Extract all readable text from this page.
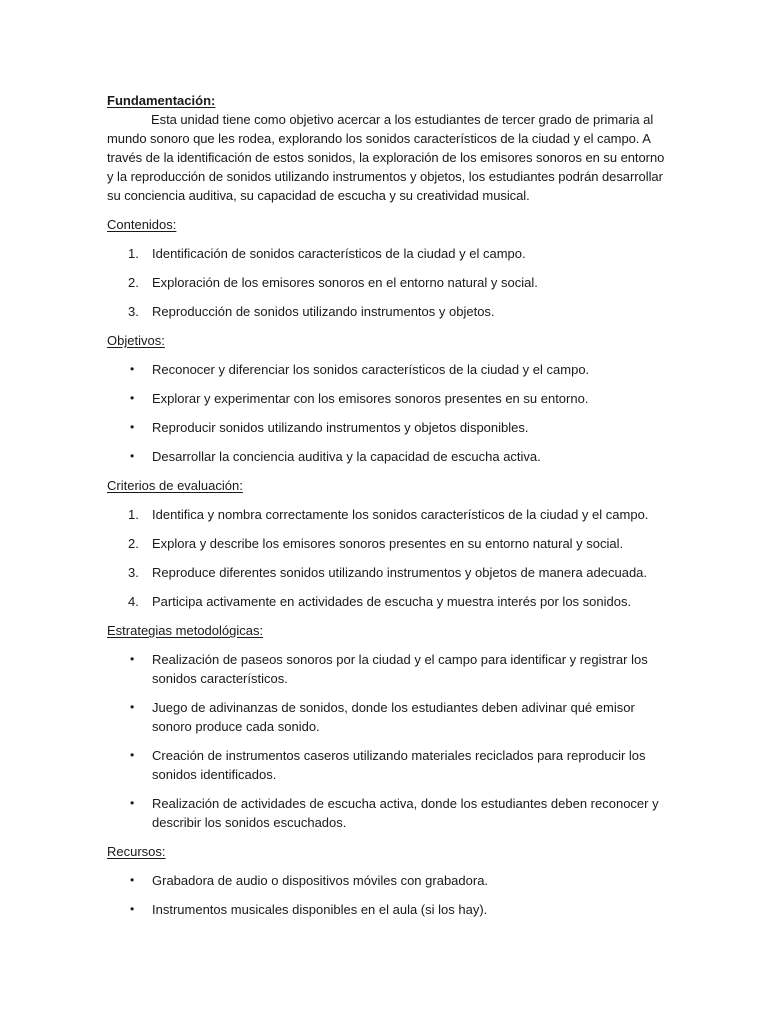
Fundamentación:

Esta unidad tiene como objetivo acercar a los estudiantes de tercer grado de primaria al mundo sonoro que les rodea, explorando los sonidos característicos de la ciudad y el campo. A través de la identificación de estos sonidos, la exploración de los emisores sonoros en su entorno y la reproducción de sonidos utilizando instrumentos y objetos, los estudiantes podrán desarrollar su conciencia auditiva, su capacidad de escucha y su creatividad musical.

Contenidos:

1.	Identificación de sonidos característicos de la ciudad y el campo.
2.	Exploración de los emisores sonoros en el entorno natural y social.
3.	Reproducción de sonidos utilizando instrumentos y objetos.

Objetivos:

•	Reconocer y diferenciar los sonidos característicos de la ciudad y el campo.
•	Explorar y experimentar con los emisores sonoros presentes en su entorno.
•	Reproducir sonidos utilizando instrumentos y objetos disponibles.
•	Desarrollar la conciencia auditiva y la capacidad de escucha activa.

Criterios de evaluación:

1.	Identifica y nombra correctamente los sonidos característicos de la ciudad y el campo.
2.	Explora y describe los emisores sonoros presentes en su entorno natural y social.
3.	Reproduce diferentes sonidos utilizando instrumentos y objetos de manera adecuada.
4.	Participa activamente en actividades de escucha y muestra interés por los sonidos.

Estrategias metodológicas:

•	Realización de paseos sonoros por la ciudad y el campo para identificar y registrar los sonidos característicos.
•	Juego de adivinanzas de sonidos, donde los estudiantes deben adivinar qué emisor sonoro produce cada sonido.
•	Creación de instrumentos caseros utilizando materiales reciclados para reproducir los sonidos identificados.
•	Realización de actividades de escucha activa, donde los estudiantes deben reconocer y describir los sonidos escuchados.

Recursos:

•	Grabadora de audio o dispositivos móviles con grabadora.
•	Instrumentos musicales disponibles en el aula (si los hay).
